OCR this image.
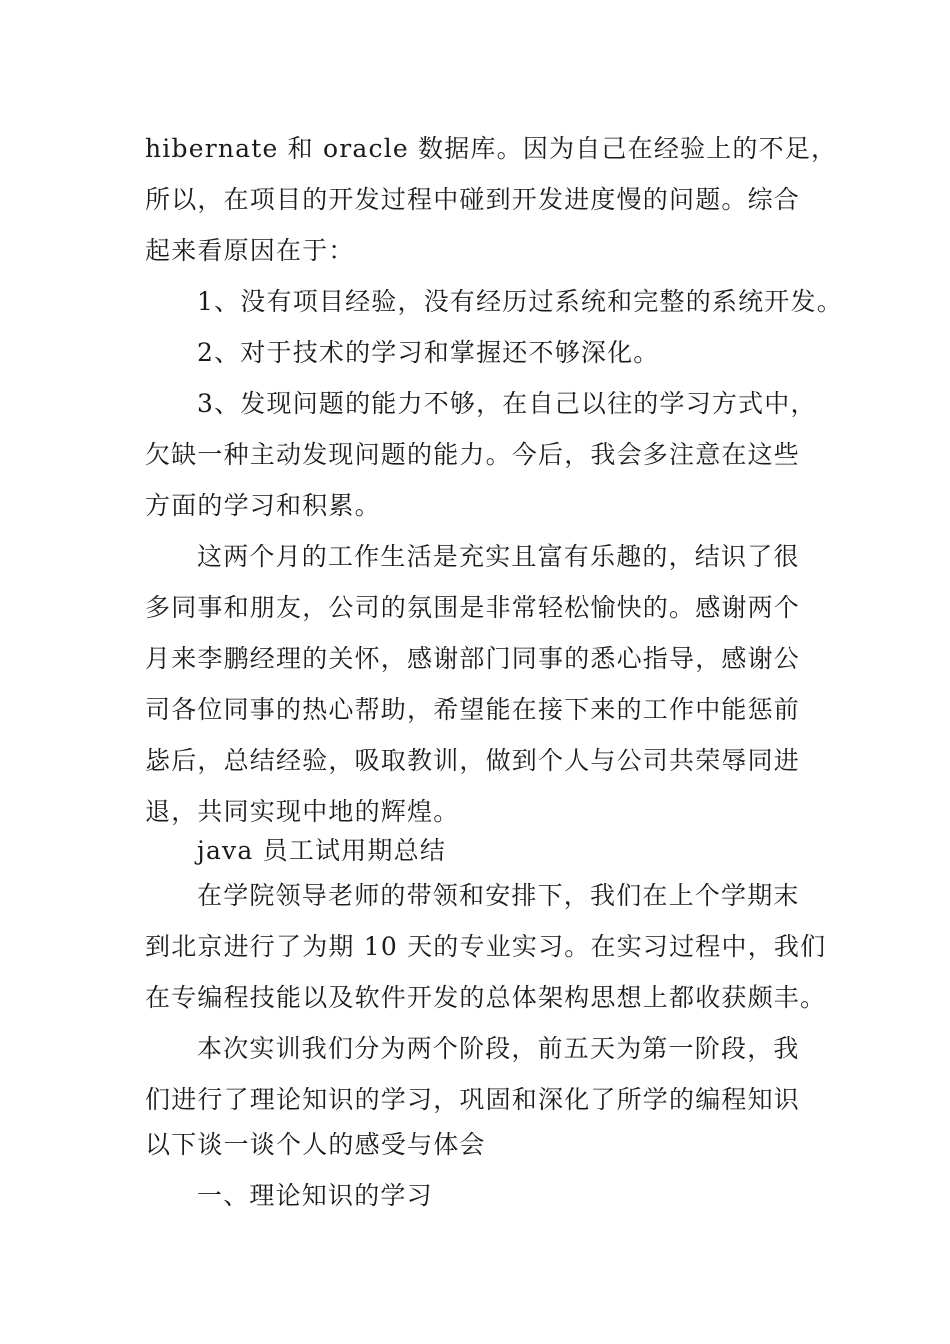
hibernate 和 oracle 数据库。因为自己在经验上的不足，
所以，在项目的开发过程中碰到开发进度慢的问题。综合
起来看原因在于：
1、没有项目经验，没有经历过系统和完整的系统开发。
2、对于技术的学习和掌握还不够深化。
3、发现问题的能力不够，在自己以往的学习方式中，
欠缺一种主动发现问题的能力。今后，我会多注意在这些
方面的学习和积累。
这两个月的工作生活是充实且富有乐趣的，结识了很
多同事和朋友，公司的氛围是非常轻松愉快的。感谢两个
月来李鹏经理的关怀，感谢部门同事的悉心指导，感谢公
司各位同事的热心帮助，希望能在接下来的工作中能惩前
毖后，总结经验，吸取教训，做到个人与公司共荣辱同进
退，共同实现中地的辉煌。
java 员工试用期总结
在学院领导老师的带领和安排下，我们在上个学期末
到北京进行了为期 10 天的专业实习。在实习过程中，我们
在专编程技能以及软件开发的总体架构思想上都收获颇丰。
本次实训我们分为两个阶段，前五天为第一阶段，我
们进行了理论知识的学习，巩固和深化了所学的编程知识
以下谈一谈个人的感受与体会
一、理论知识的学习
